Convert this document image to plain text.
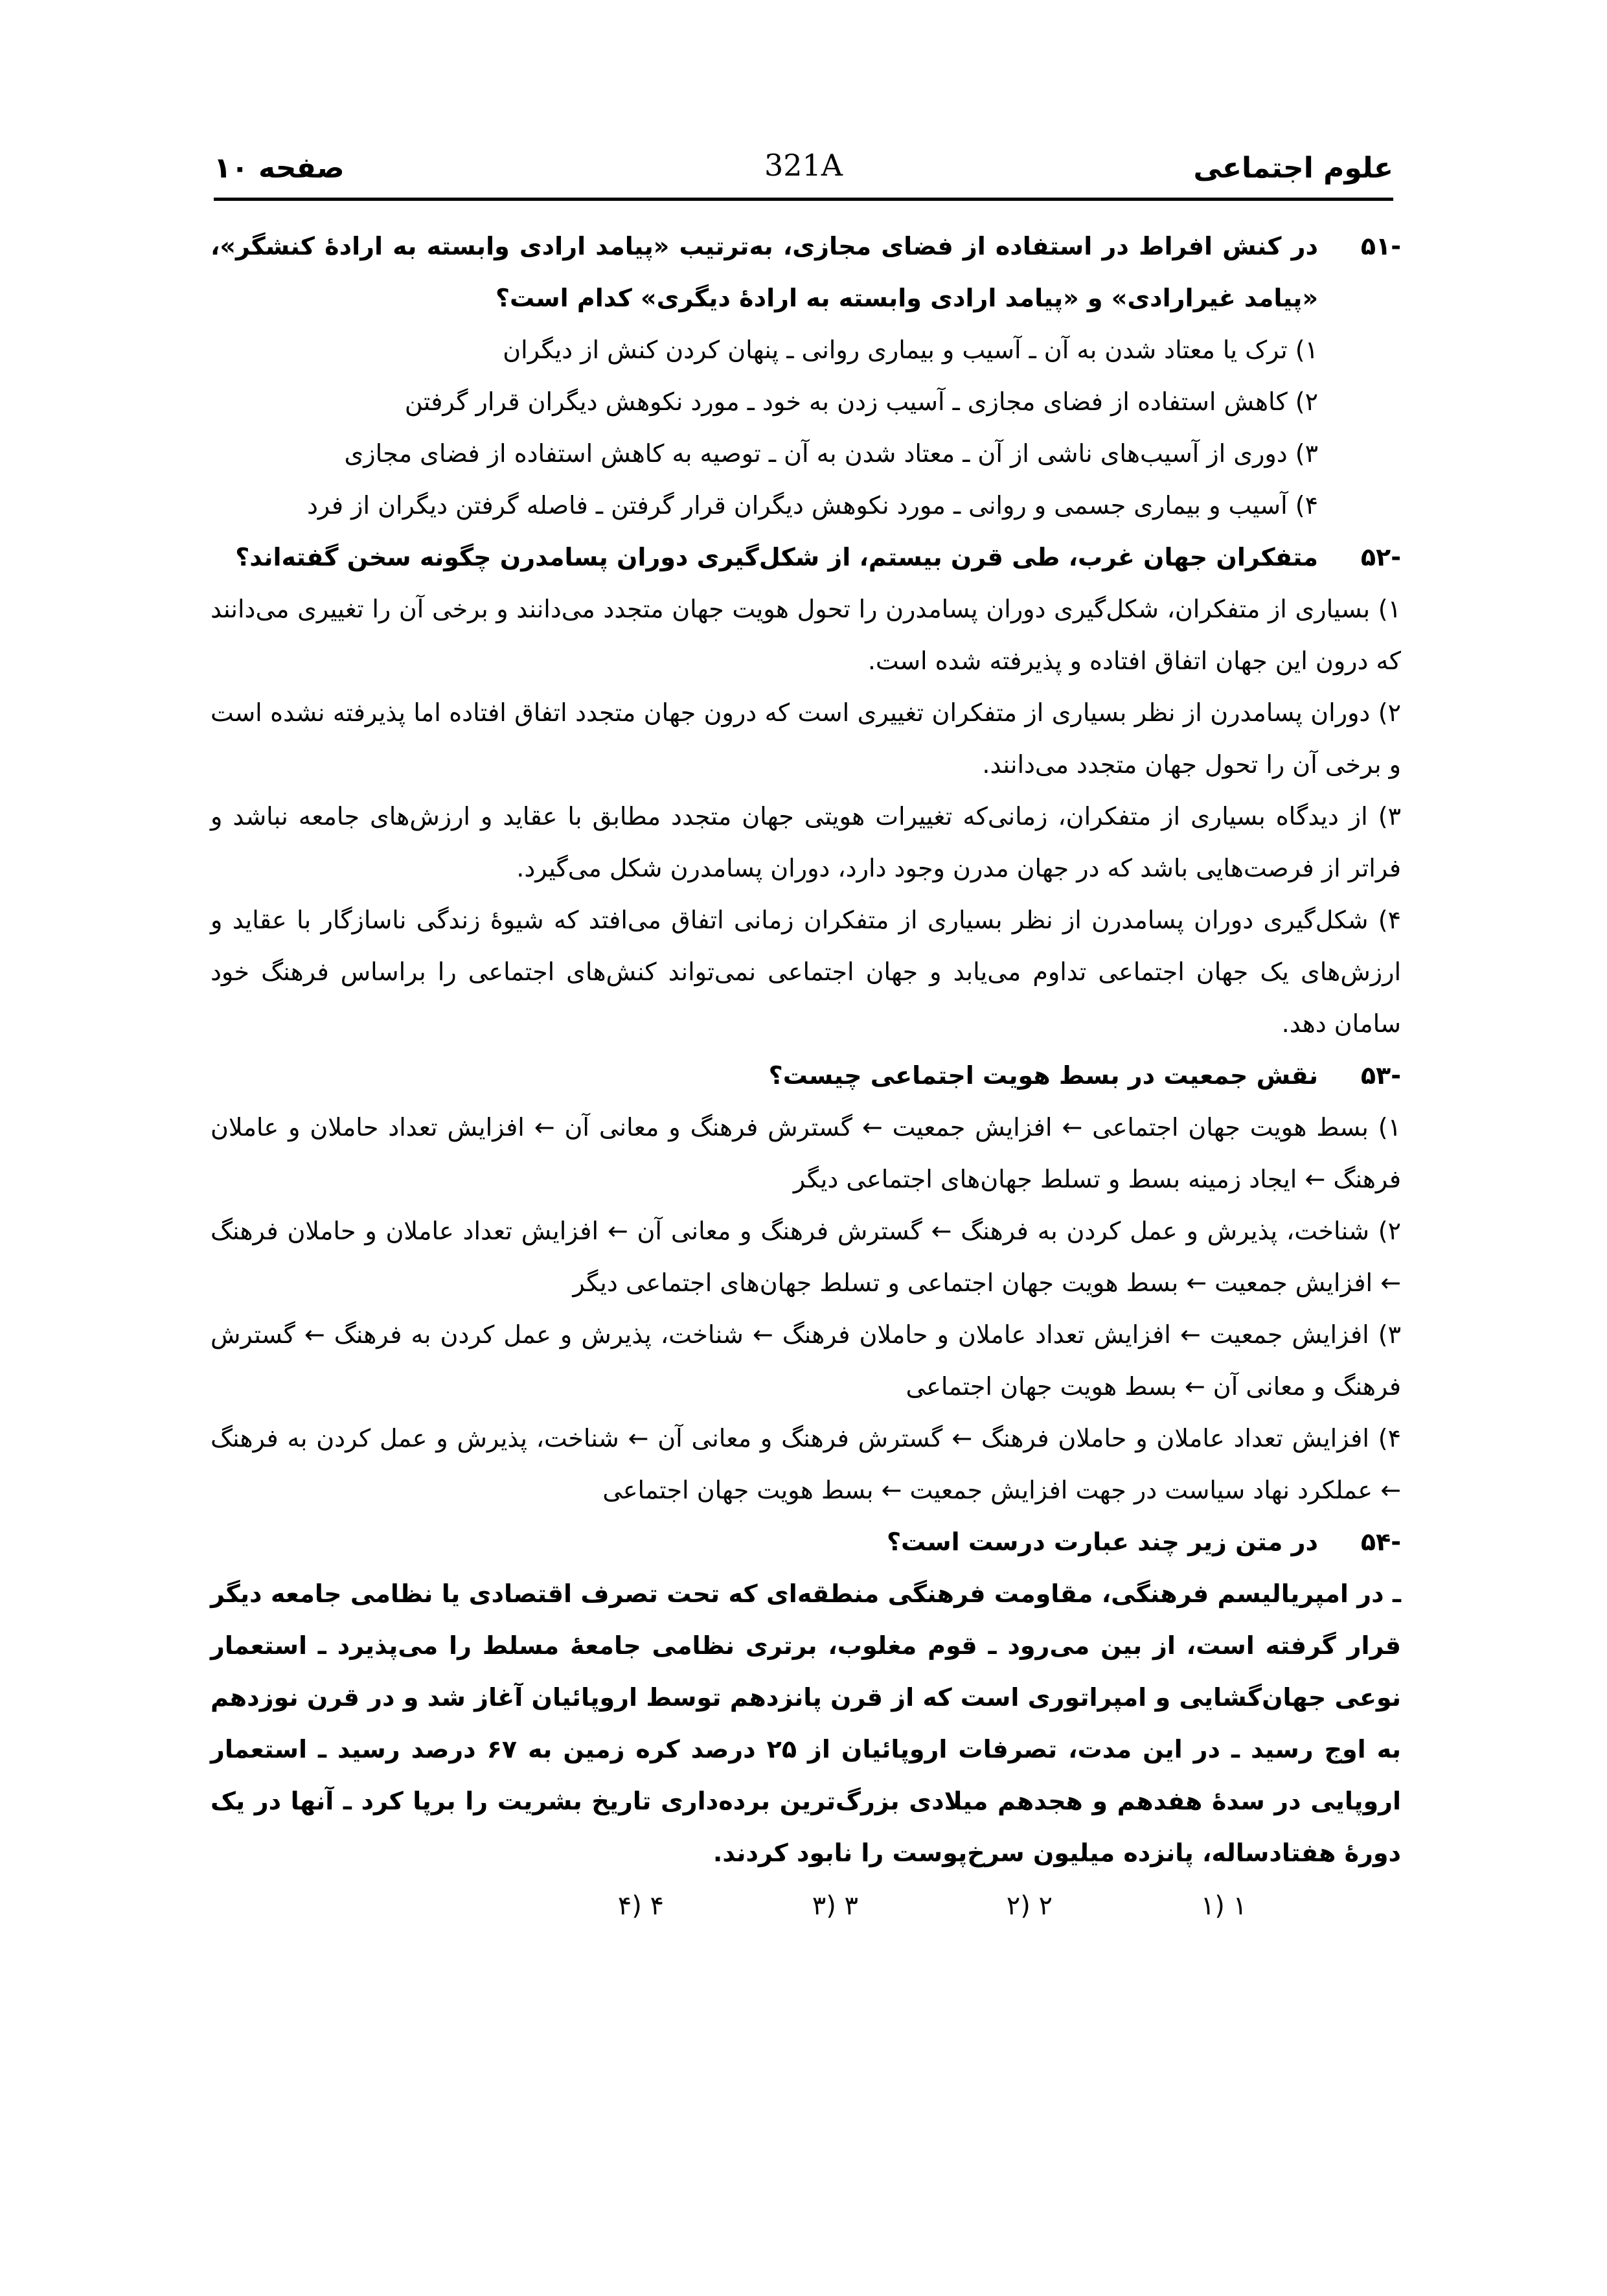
علوم اجتماعی
321A
صفحه ۱۰
-۵۱
در کنش افراط در استفاده از فضای مجازی، به‌ترتیب «پیامد ارادی وابسته به ارادهٔ کنشگر»، «پیامد غیرارادی» و «پیامد ارادی وابسته به ارادهٔ دیگری» کدام است؟
۱) ترک یا معتاد شدن به آن ـ آسیب و بیماری روانی ـ پنهان کردن کنش از دیگران
۲) کاهش استفاده از فضای مجازی ـ آسیب زدن به خود ـ مورد نکوهش دیگران قرار گرفتن
۳) دوری از آسیب‌های ناشی از آن ـ معتاد شدن به آن ـ توصیه به کاهش استفاده از فضای مجازی
۴) آسیب و بیماری جسمی و روانی ـ مورد نکوهش دیگران قرار گرفتن ـ فاصله گرفتن دیگران از فرد
-۵۲
متفکران جهان غرب، طی قرن بیستم، از شکل‌گیری دوران پسامدرن چگونه سخن گفته‌اند؟
۱) بسیاری از متفکران، شکل‌گیری دوران پسامدرن را تحول هویت جهان متجدد می‌دانند و برخی آن را تغییری می‌دانند که درون این جهان اتفاق افتاده و پذیرفته شده است.
۲) دوران پسامدرن از نظر بسیاری از متفکران تغییری است که درون جهان متجدد اتفاق افتاده اما پذیرفته نشده است و برخی آن را تحول جهان متجدد می‌دانند.
۳) از دیدگاه بسیاری از متفکران، زمانی‌که تغییرات هویتی جهان متجدد مطابق با عقاید و ارزش‌های جامعه نباشد و فراتر از فرصت‌هایی باشد که در جهان مدرن وجود دارد، دوران پسامدرن شکل می‌گیرد.
۴) شکل‌گیری دوران پسامدرن از نظر بسیاری از متفکران زمانی اتفاق می‌افتد که شیوهٔ زندگی ناسازگار با عقاید و ارزش‌های یک جهان اجتماعی تداوم می‌یابد و جهان اجتماعی نمی‌تواند کنش‌های اجتماعی را براساس فرهنگ خود سامان دهد.
-۵۳
نقش جمعیت در بسط هویت اجتماعی چیست؟
۱) بسط هویت جهان اجتماعی ← افزایش جمعیت ← گسترش فرهنگ و معانی آن ← افزایش تعداد حاملان و عاملان فرهنگ ← ایجاد زمینه بسط و تسلط جهان‌های اجتماعی دیگر
۲) شناخت، پذیرش و عمل کردن به فرهنگ ← گسترش فرهنگ و معانی آن ← افزایش تعداد عاملان و حاملان فرهنگ ← افزایش جمعیت ← بسط هویت جهان اجتماعی و تسلط جهان‌های اجتماعی دیگر
۳) افزایش جمعیت ← افزایش تعداد عاملان و حاملان فرهنگ ← شناخت، پذیرش و عمل کردن به فرهنگ ← گسترش فرهنگ و معانی آن ← بسط هویت جهان اجتماعی
۴) افزایش تعداد عاملان و حاملان فرهنگ ← گسترش فرهنگ و معانی آن ← شناخت، پذیرش و عمل کردن به فرهنگ ← عملکرد نهاد سیاست در جهت افزایش جمعیت ← بسط هویت جهان اجتماعی
-۵۴
در متن زیر چند عبارت درست است؟
ـ در امپریالیسم فرهنگی، مقاومت فرهنگی منطقه‌ای که تحت تصرف اقتصادی یا نظامی جامعه دیگر قرار گرفته است، از بین می‌رود ـ قوم مغلوب، برتری نظامی جامعهٔ مسلط را می‌پذیرد ـ استعمار نوعی جهان‌گشایی و امپراتوری است که از قرن پانزدهم توسط اروپائیان آغاز شد و در قرن نوزدهم به اوج رسید ـ در این مدت، تصرفات اروپائیان از ۲۵ درصد کره زمین به ۶۷ درصد رسید ـ استعمار اروپایی در سدهٔ هفدهم و هجدهم میلادی بزرگ‌ترین برده‌داری تاریخ بشریت را برپا کرد ـ آنها در یک دورهٔ هفتادساله، پانزده میلیون سرخ‌پوست را نابود کردند.
۱ (۱
۲ (۲
۳ (۳
۴ (۴
